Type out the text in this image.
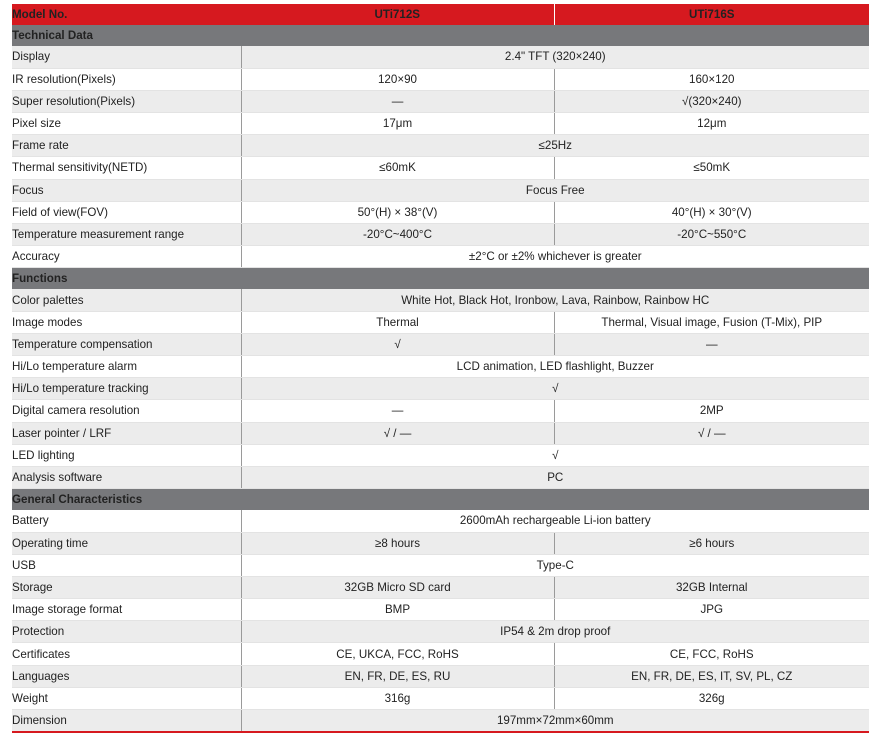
Model No.	UTi712S	UTi716S
Technical Data		
Display	2.4" TFT (320×240)	
IR resolution(Pixels)	120×90	160×120
Super resolution(Pixels)	—	√(320×240)
Pixel size	17μm	12μm
Frame rate	≤25Hz	
Thermal sensitivity(NETD)	≤60mK	≤50mK
Focus	Focus Free	
Field of view(FOV)	50°(H) × 38°(V)	40°(H) × 30°(V)
Temperature measurement range	-20°C~400°C	-20°C~550°C
Accuracy	±2°C or ±2% whichever is greater	
Functions		
Color palettes	White Hot, Black Hot, Ironbow, Lava, Rainbow, Rainbow HC	
Image modes	Thermal	Thermal, Visual image, Fusion (T-Mix), PIP
Temperature compensation	√	—
Hi/Lo temperature alarm	LCD animation, LED flashlight, Buzzer	
Hi/Lo temperature tracking	√	
Digital camera resolution	—	2MP
Laser pointer / LRF	√ / —	√ / —
LED lighting	√	
Analysis software	PC	
General Characteristics		
Battery	2600mAh rechargeable Li-ion battery	
Operating time	≥8 hours	≥6 hours
USB	Type-C	
Storage	32GB Micro SD card	32GB Internal
Image storage format	BMP	JPG
Protection	IP54 & 2m drop proof	
Certificates	CE, UKCA, FCC, RoHS	CE, FCC, RoHS
Languages	EN, FR, DE, ES, RU	EN, FR, DE, ES, IT, SV, PL, CZ
Weight	316g	326g
Dimension	197mm×72mm×60mm	
